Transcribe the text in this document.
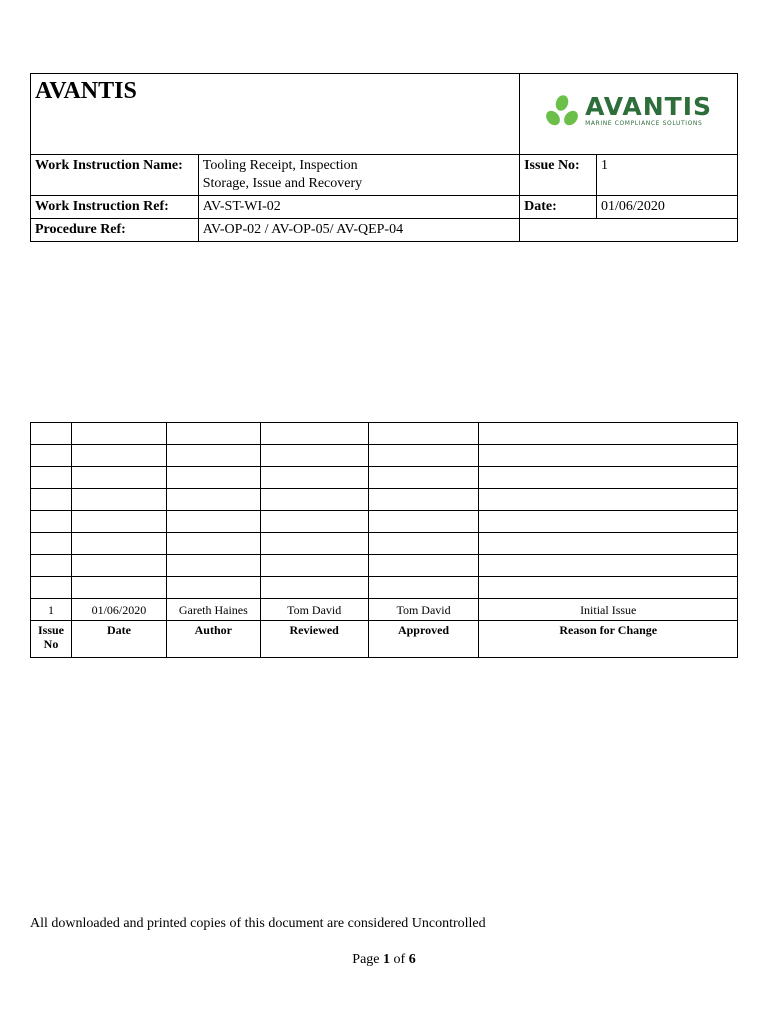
AVANTIS		AVANTIS
MARINE COMPLIANCE SOLUTIONS	

Work Instruction Name:	Tooling Receipt, Inspection
Storage, Issue and Recovery	Issue No:	1
Work Instruction Ref:	AV-ST-WI-02	Date:	01/06/2020
Procedure Ref:	AV-OP-02 / AV-OP-05/ AV-QEP-04		

1	01/06/2020	Gareth Haines	Tom David	Tom David	Initial Issue
Issue No	Date	Author	Reviewed	Approved	Reason for Change
All downloaded and printed copies of this document are considered Uncontrolled
Page 1 of 6
